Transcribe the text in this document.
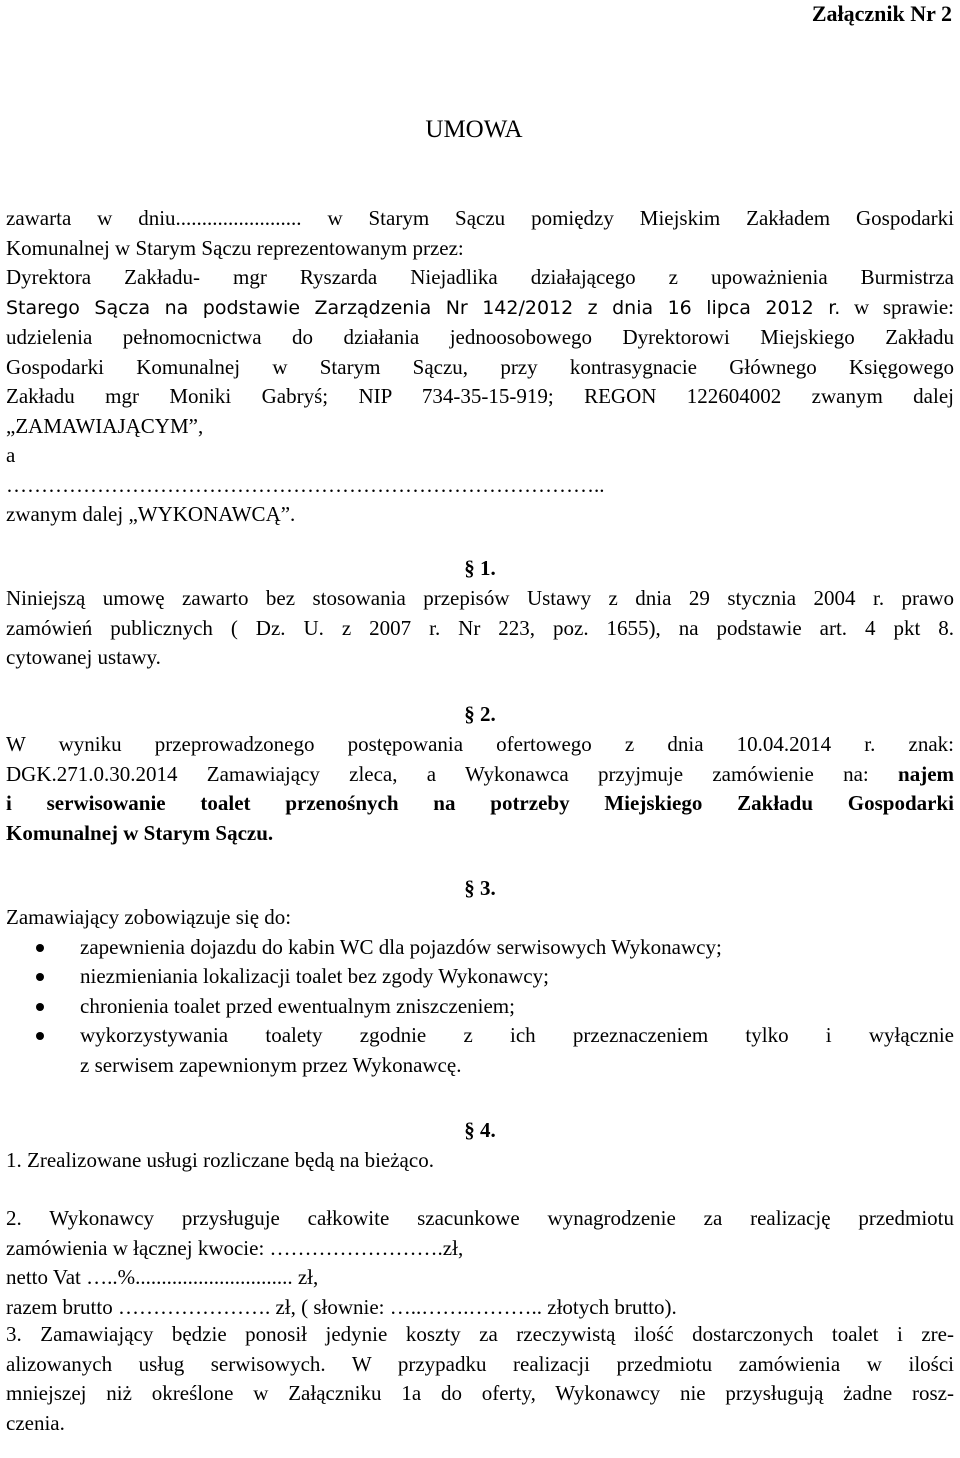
Załącznik Nr 2
UMOWA
zawarta w dniu........................ w Starym Sączu pomiędzy Miejskim Zakładem Gospodarki
Komunalnej w Starym Sączu reprezentowanym przez:
Dyrektora Zakładu- mgr Ryszarda Niejadlika działającego z upoważnienia Burmistrza
Starego Sącza na podstawie Zarządzenia Nr 142/2012 z dnia 16 lipca 2012 r. w sprawie:
udzielenia pełnomocnictwa do działania jednoosobowego Dyrektorowi Miejskiego Zakładu
Gospodarki Komunalnej w Starym Sączu, przy kontrasygnacie Głównego Księgowego
Zakładu mgr Moniki Gabryś; NIP 734-35-15-919; REGON 122604002 zwanym dalej
„ZAMAWIAJĄCYM”,
a
…………………………………………………………………………..
zwanym dalej „WYKONAWCĄ”.
§ 1.
Niniejszą umowę zawarto bez stosowania przepisów Ustawy z dnia 29 stycznia 2004 r. prawo
zamówień publicznych ( Dz. U. z 2007 r. Nr 223, poz. 1655), na podstawie art. 4 pkt 8.
cytowanej ustawy.
§ 2.
W wyniku przeprowadzonego postępowania ofertowego z dnia 10.04.2014 r. znak:
DGK.271.0.30.2014 Zamawiający zleca, a Wykonawca przyjmuje zamówienie na: najem
i serwisowanie toalet przenośnych na potrzeby Miejskiego Zakładu Gospodarki
Komunalnej w Starym Sączu.
§ 3.
Zamawiający zobowiązuje się do:
zapewnienia dojazdu do kabin WC dla pojazdów serwisowych Wykonawcy;
niezmieniania lokalizacji toalet bez zgody Wykonawcy;
chronienia toalet przed ewentualnym zniszczeniem;
wykorzystywania toalety zgodnie z ich przeznaczeniem tylko i wyłącznie
z serwisem zapewnionym przez Wykonawcę.
§ 4.
1. Zrealizowane usługi rozliczane będą na bieżąco.
2. Wykonawcy przysługuje całkowite szacunkowe wynagrodzenie za realizację przedmiotu
zamówienia w łącznej kwocie: …………………….zł,
netto Vat …..%.............................. zł,
razem brutto …………………. zł, ( słownie: …..…….……….. złotych brutto).
3. Zamawiający będzie ponosił jedynie koszty za rzeczywistą ilość dostarczonych toalet i zre-
alizowanych usług serwisowych. W przypadku realizacji przedmiotu zamówienia w ilości
mniejszej niż określone w Załączniku 1a do oferty, Wykonawcy nie przysługują żadne rosz-
czenia.
